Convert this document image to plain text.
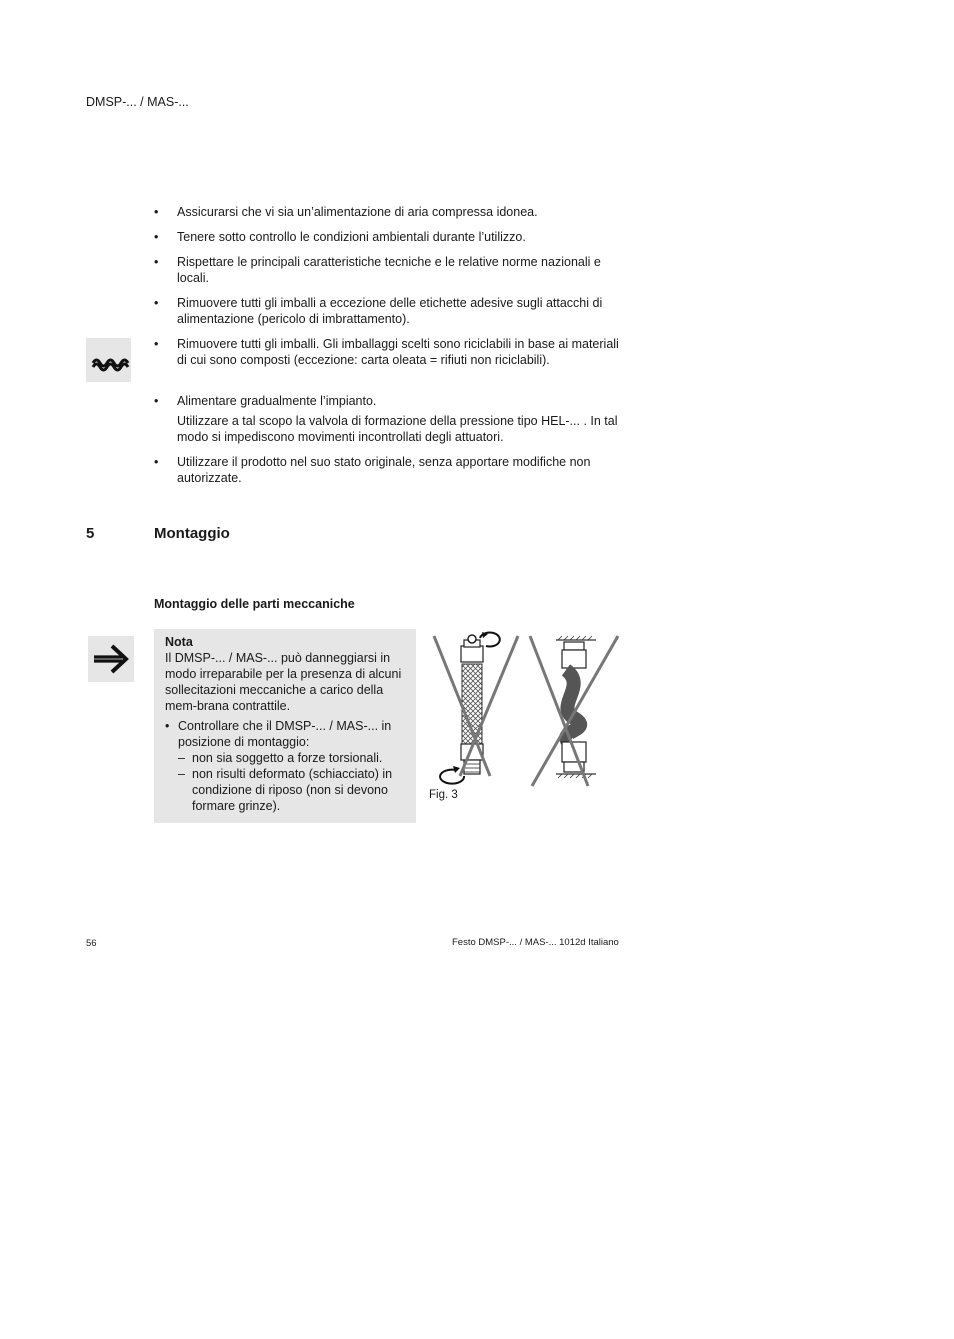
DMSP-... / MAS-...
• Assicurarsi che vi sia un’alimentazione di aria compressa idonea.
• Tenere sotto controllo le condizioni ambientali durante l’utilizzo.
• Rispettare le principali caratteristiche tecniche e le relative norme nazionali e locali.
• Rimuovere tutti gli imballi a eccezione delle etichette adesive sugli attacchi di alimentazione (pericolo di imbrattamento).
• Rimuovere tutti gli imballi. Gli imballaggi scelti sono riciclabili in base ai materiali di cui sono composti (eccezione: carta oleata = rifiuti non riciclabili).
• Alimentare gradualmente l’impianto.
Utilizzare a tal scopo la valvola di formazione della pressione tipo HEL-... . In tal modo si impediscono movimenti incontrollati degli attuatori.
• Utilizzare il prodotto nel suo stato originale, senza apportare modifiche non autorizzate.
5	Montaggio
Montaggio delle parti meccaniche
Nota
Il DMSP-... / MAS-... può danneggiarsi in modo irreparabile per la presenza di alcuni sollecitazioni meccaniche a carico della mem-brana contrattile.
• Controllare che il DMSP-... / MAS-... in posizione di montaggio:
– non sia soggetto a forze torsionali.
– non risulti deformato (schiacciato) in condizione di riposo (non si devono formare grinze).
Fig. 3
56	Festo DMSP-... / MAS-... 1012d Italiano
